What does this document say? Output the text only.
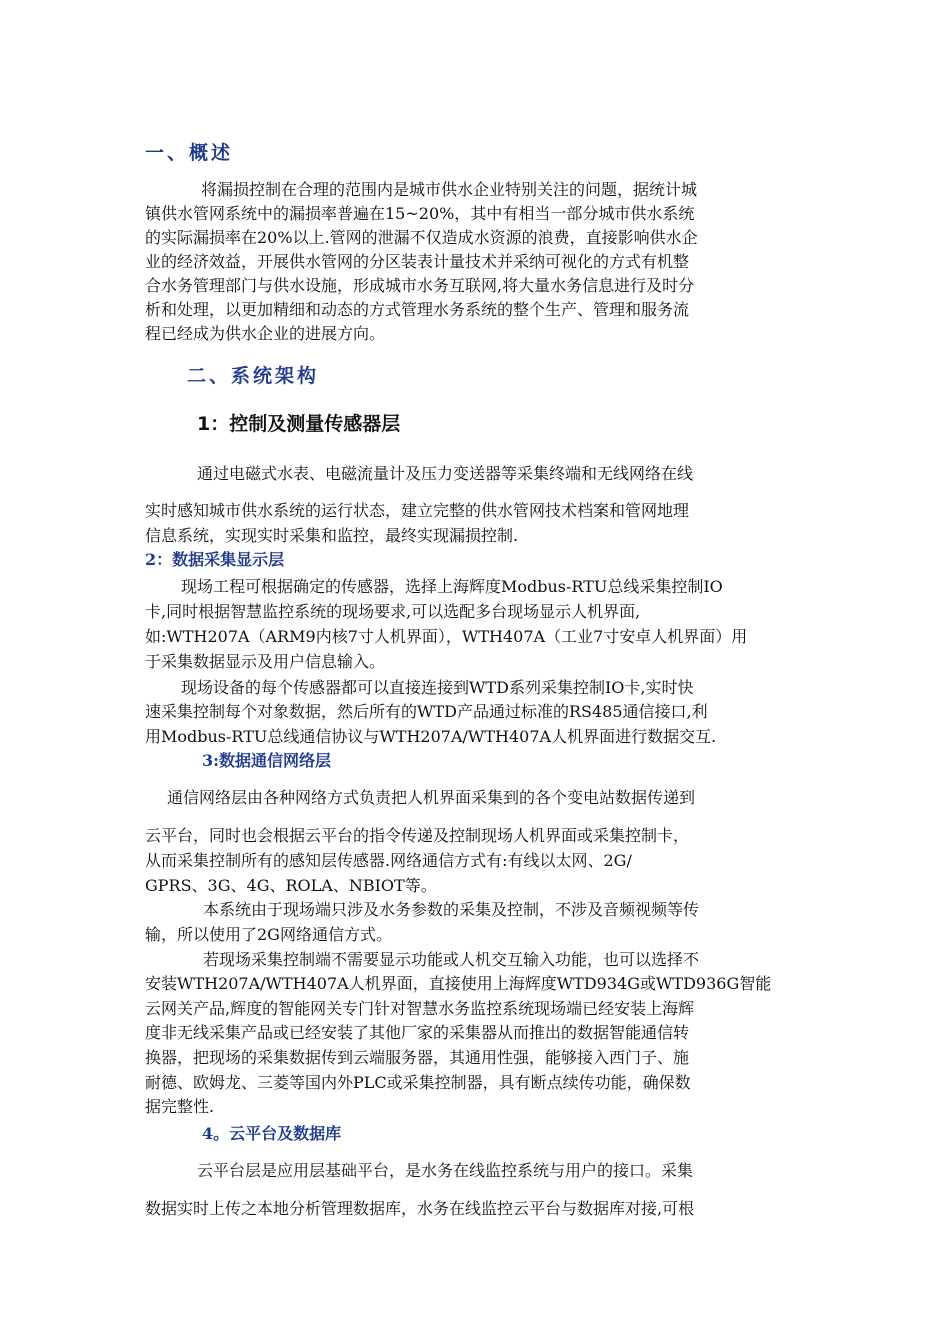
一、概述

将漏损控制在合理的范围内是城市供水企业特别关注的问题，据统计城

镇供水管网系统中的漏损率普遍在15~20%，其中有相当一部分城市供水系统

的实际漏损率在20%以上.管网的泄漏不仅造成水资源的浪费，直接影响供水企

业的经济效益，开展供水管网的分区装表计量技术并采纳可视化的方式有机整

合水务管理部门与供水设施，形成城市水务互联网,将大量水务信息进行及时分

析和处理，以更加精细和动态的方式管理水务系统的整个生产、管理和服务流

程已经成为供水企业的进展方向。

二、系统架构
1：控制及测量传感器层

通过电磁式水表、电磁流量计及压力变送器等采集终端和无线网络在线

实时感知城市供水系统的运行状态，建立完整的供水管网技术档案和管网地理

信息系统，实现实时采集和监控，最终实现漏损控制.

2：数据采集显示层

现场工程可根据确定的传感器，选择上海辉度Modbus-RTU总线采集控制IO

卡,同时根据智慧监控系统的现场要求,可以选配多台现场显示人机界面,

如:WTH207A（ARM9内核7寸人机界面），WTH407A（工业7寸安卓人机界面）用

于采集数据显示及用户信息输入。

现场设备的每个传感器都可以直接连接到WTD系列采集控制IO卡,实时快

速采集控制每个对象数据，然后所有的WTD产品通过标准的RS485通信接口,利

用Modbus-RTU总线通信协议与WTH207A/WTH407A人机界面进行数据交互.

3:数据通信网络层

通信网络层由各种网络方式负责把人机界面采集到的各个变电站数据传递到

云平台，同时也会根据云平台的指令传递及控制现场人机界面或采集控制卡，

从而采集控制所有的感知层传感器.网络通信方式有:有线以太网、2G/

GPRS、3G、4G、ROLA、NBIOT等。

本系统由于现场端只涉及水务参数的采集及控制，不涉及音频视频等传

输，所以使用了2G网络通信方式。

若现场采集控制端不需要显示功能或人机交互输入功能，也可以选择不

安装WTH207A/WTH407A人机界面，直接使用上海辉度WTD934G或WTD936G智能

云网关产品,辉度的智能网关专门针对智慧水务监控系统现场端已经安装上海辉

度非无线采集产品或已经安装了其他厂家的采集器从而推出的数据智能通信转

换器，把现场的采集数据传到云端服务器，其通用性强，能够接入西门子、施

耐德、欧姆龙、三菱等国内外PLC或采集控制器，具有断点续传功能，确保数

据完整性.

4。云平台及数据库

云平台层是应用层基础平台，是水务在线监控系统与用户的接口。采集

数据实时上传之本地分析管理数据库，水务在线监控云平台与数据库对接,可根
